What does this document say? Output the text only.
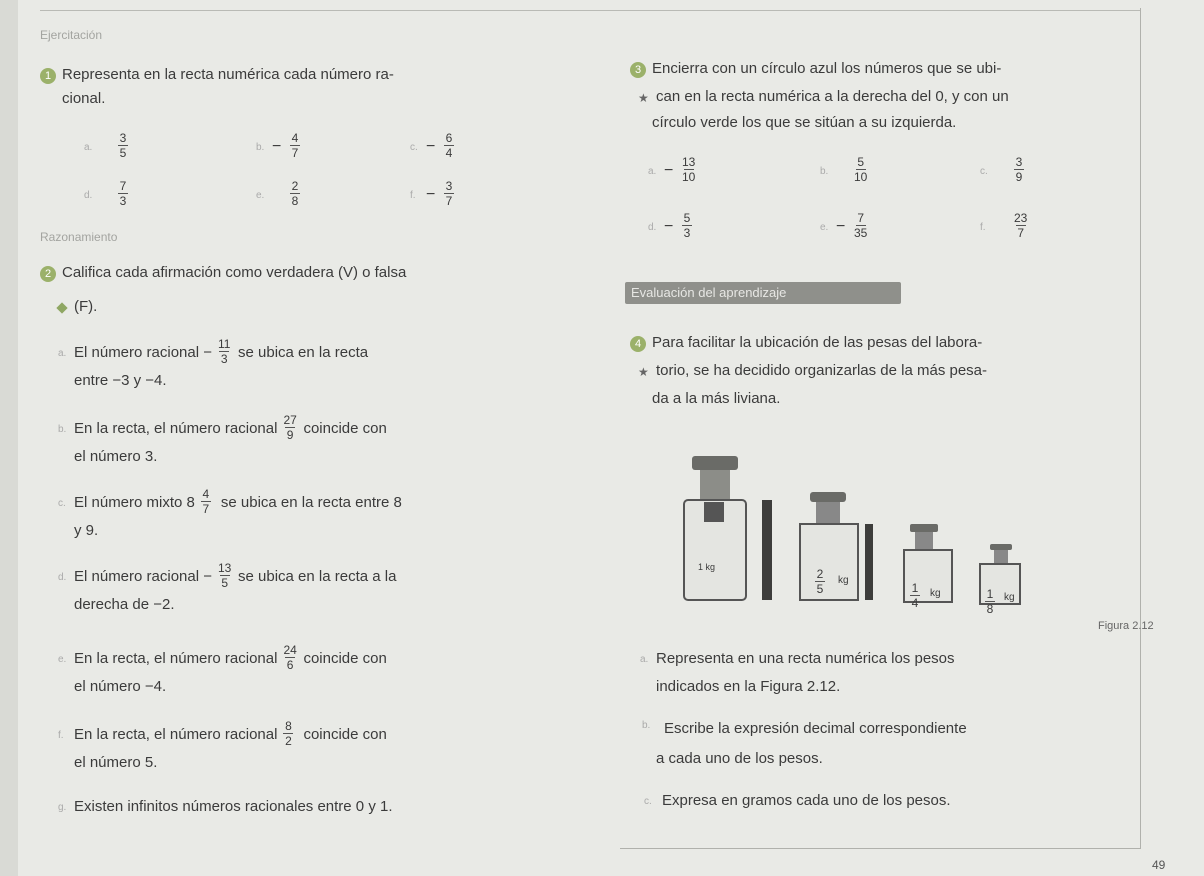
Ejercitación
1 Representa en la recta numérica cada número ra-
cional.
a.
3
5	b. − 4
7	c. − 6
4
d.
7
3	e.
2
8	f. − 3
7
Razonamiento
2 Califica cada afirmación como verdadera (V) o falsa
(F).
a. El número racional − 11
3 se ubica en la recta
entre −3 y −4.
b. En la recta, el número racional 27
9 coincide con
el número 3.
c. El número mixto 8 4
7 se ubica en la recta entre 8
y 9.
d. El número racional − 13
5 se ubica en la recta a la
derecha de −2.
e. En la recta, el número racional 24
6 coincide con
el número −4.
f. En la recta, el número racional 8
2 coincide con
el número 5.
g. Existen infinitos números racionales entre 0 y 1.
3 Encierra con un círculo azul los números que se ubi-
★ can en la recta numérica a la derecha del 0, y con un
círculo verde los que se sitúan a su izquierda.
a. − 13
10	b.
5
10	c.
3
9
d. − 5
3	e. − 7
35	f.
23
7
Evaluación del aprendizaje
4 Para facilitar la ubicación de las pesas del labora-
★ torio, se ha decidido organizarlas de la más pesa-
da a la más liviana.
1 kg	2
5
kg
1
4
kg	1
8
kg
Figura 2.12
a. Representa en una recta numérica los pesos
indicados en la Figura 2.12.
b. Escribe la expresión decimal correspondiente
a cada uno de los pesos.
c. Expresa en gramos cada uno de los pesos.
49
